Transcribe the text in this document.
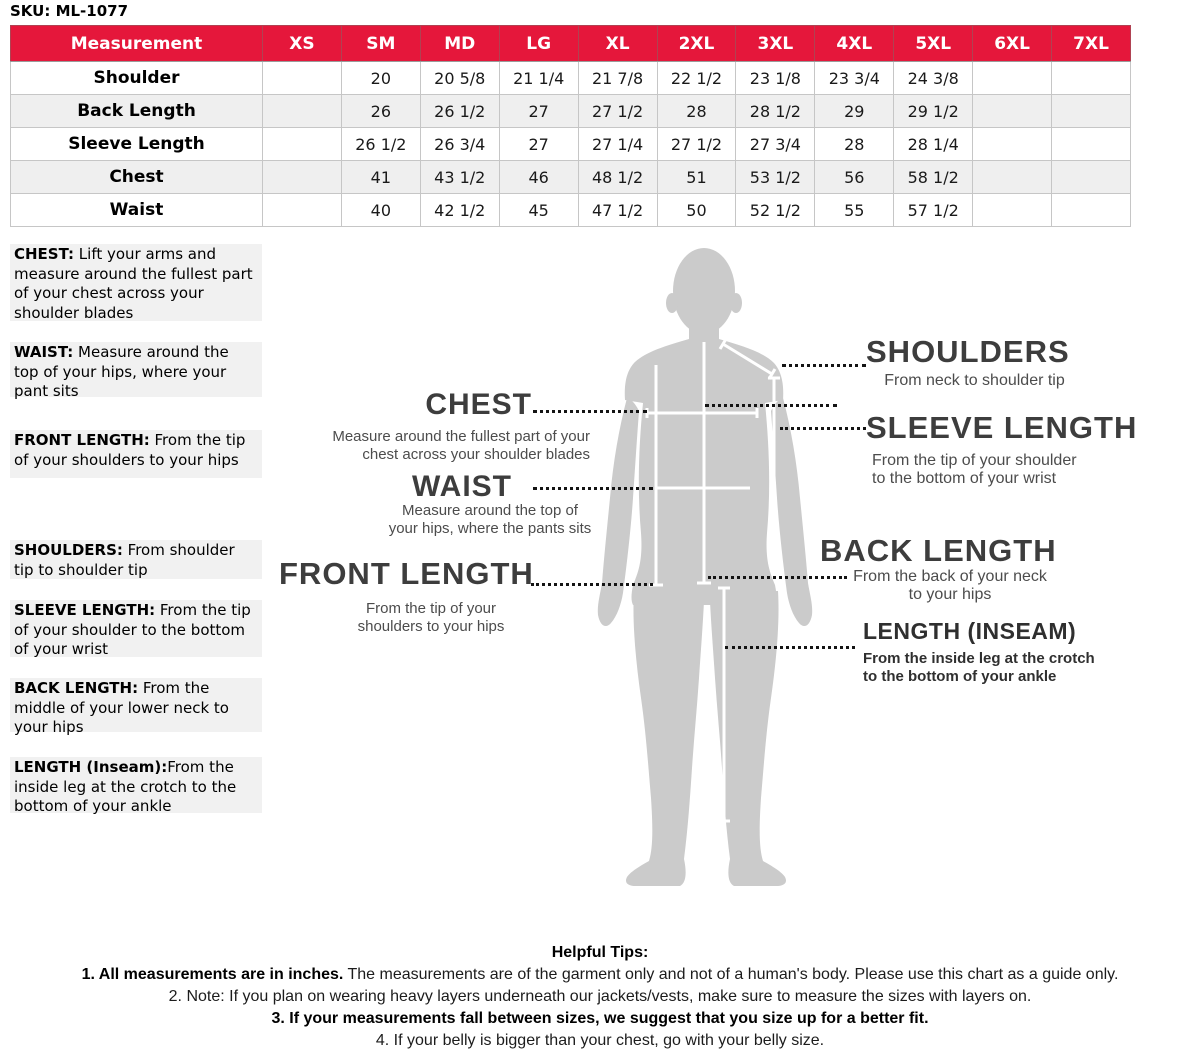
SKU: ML-1077
Measurement	XS	SM	MD	LG	XL	2XL	3XL	4XL	5XL	6XL	7XL
Shoulder		20	20 5/8	21 1/4	21 7/8	22 1/2	23 1/8	23 3/4	24 3/8		
Back Length		26	26 1/2	27	27 1/2	28	28 1/2	29	29 1/2		
Sleeve Length		26 1/2	26 3/4	27	27 1/4	27 1/2	27 3/4	28	28 1/4		
Chest		41	43 1/2	46	48 1/2	51	53 1/2	56	58 1/2		
Waist		40	42 1/2	45	47 1/2	50	52 1/2	55	57 1/2		
CHEST: Lift your arms and measure around the fullest part of your chest across your shoulder blades
WAIST: Measure around the top of your hips, where your pant sits
FRONT LENGTH: From the tip of your shoulders to your hips
SHOULDERS: From shoulder tip to shoulder tip
SLEEVE LENGTH: From the tip of your shoulder to the bottom of your wrist
BACK LENGTH: From the middle of your lower neck to your hips
LENGTH (Inseam):From the inside leg at the crotch to the bottom of your ankle
CHEST
Measure around the fullest part of your
chest across your shoulder blades
WAIST
Measure around the top of
your hips, where the pants sits
FRONT LENGTH
From the tip of your
shoulders to your hips
SHOULDERS
From neck to shoulder tip
SLEEVE LENGTH
From the tip of your shoulder
to the bottom of your wrist
BACK LENGTH
From the back of your neck
to your hips
LENGTH (INSEAM)
From the inside leg at the crotch
to the bottom of your ankle
Helpful Tips:
1. All measurements are in inches. The measurements are of the garment only and not of a human's body. Please use this chart as a guide only.
2. Note: If you plan on wearing heavy layers underneath our jackets/vests, make sure to measure the sizes with layers on.
3. If your measurements fall between sizes, we suggest that you size up for a better fit.
4. If your belly is bigger than your chest, go with your belly size.
